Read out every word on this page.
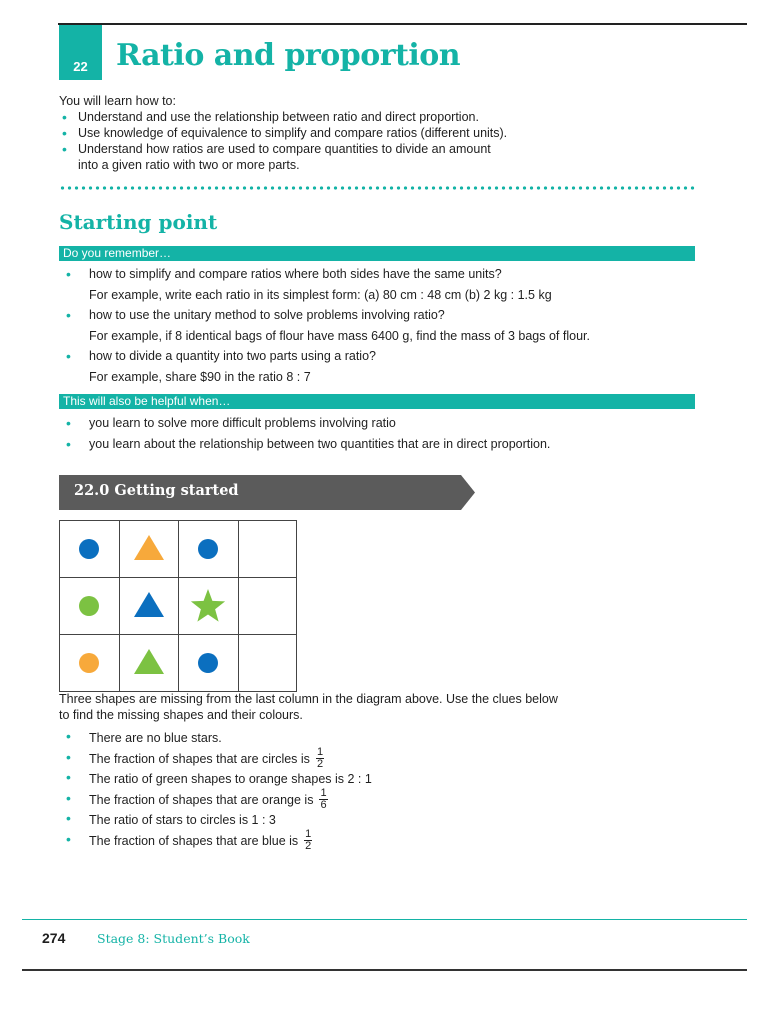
22 Ratio and proportion
You will learn how to:
• Understand and use the relationship between ratio and direct proportion.
• Use knowledge of equivalence to simplify and compare ratios (different units).
• Understand how ratios are used to compare quantities to divide an amount
into a given ratio with two or more parts.
Starting point
Do you remember…
• how to simplify and compare ratios where both sides have the same units?
For example, write each ratio in its simplest form: (a) 80 cm : 48 cm (b) 2 kg : 1.5 kg
• how to use the unitary method to solve problems involving ratio?
For example, if 8 identical bags of flour have mass 6400 g, find the mass of 3 bags of flour.
• how to divide a quantity into two parts using a ratio?
For example, share $90 in the ratio 8 : 7
This will also be helpful when…
• you learn to solve more difficult problems involving ratio
• you learn about the relationship between two quantities that are in direct proportion.
22.0 Getting started

Three shapes are missing from the last column in the diagram above. Use the clues below
to find the missing shapes and their colours.
• There are no blue stars.
• The fraction of shapes that are circles is $\frac{1}{2}$
• The ratio of green shapes to orange shapes is 2 : 1
• The fraction of shapes that are orange is $\frac{1}{6}$
• The ratio of stars to circles is 1 : 3
• The fraction of shapes that are blue is $\frac{1}{2}$
274	Stage 8: Student’s Book
